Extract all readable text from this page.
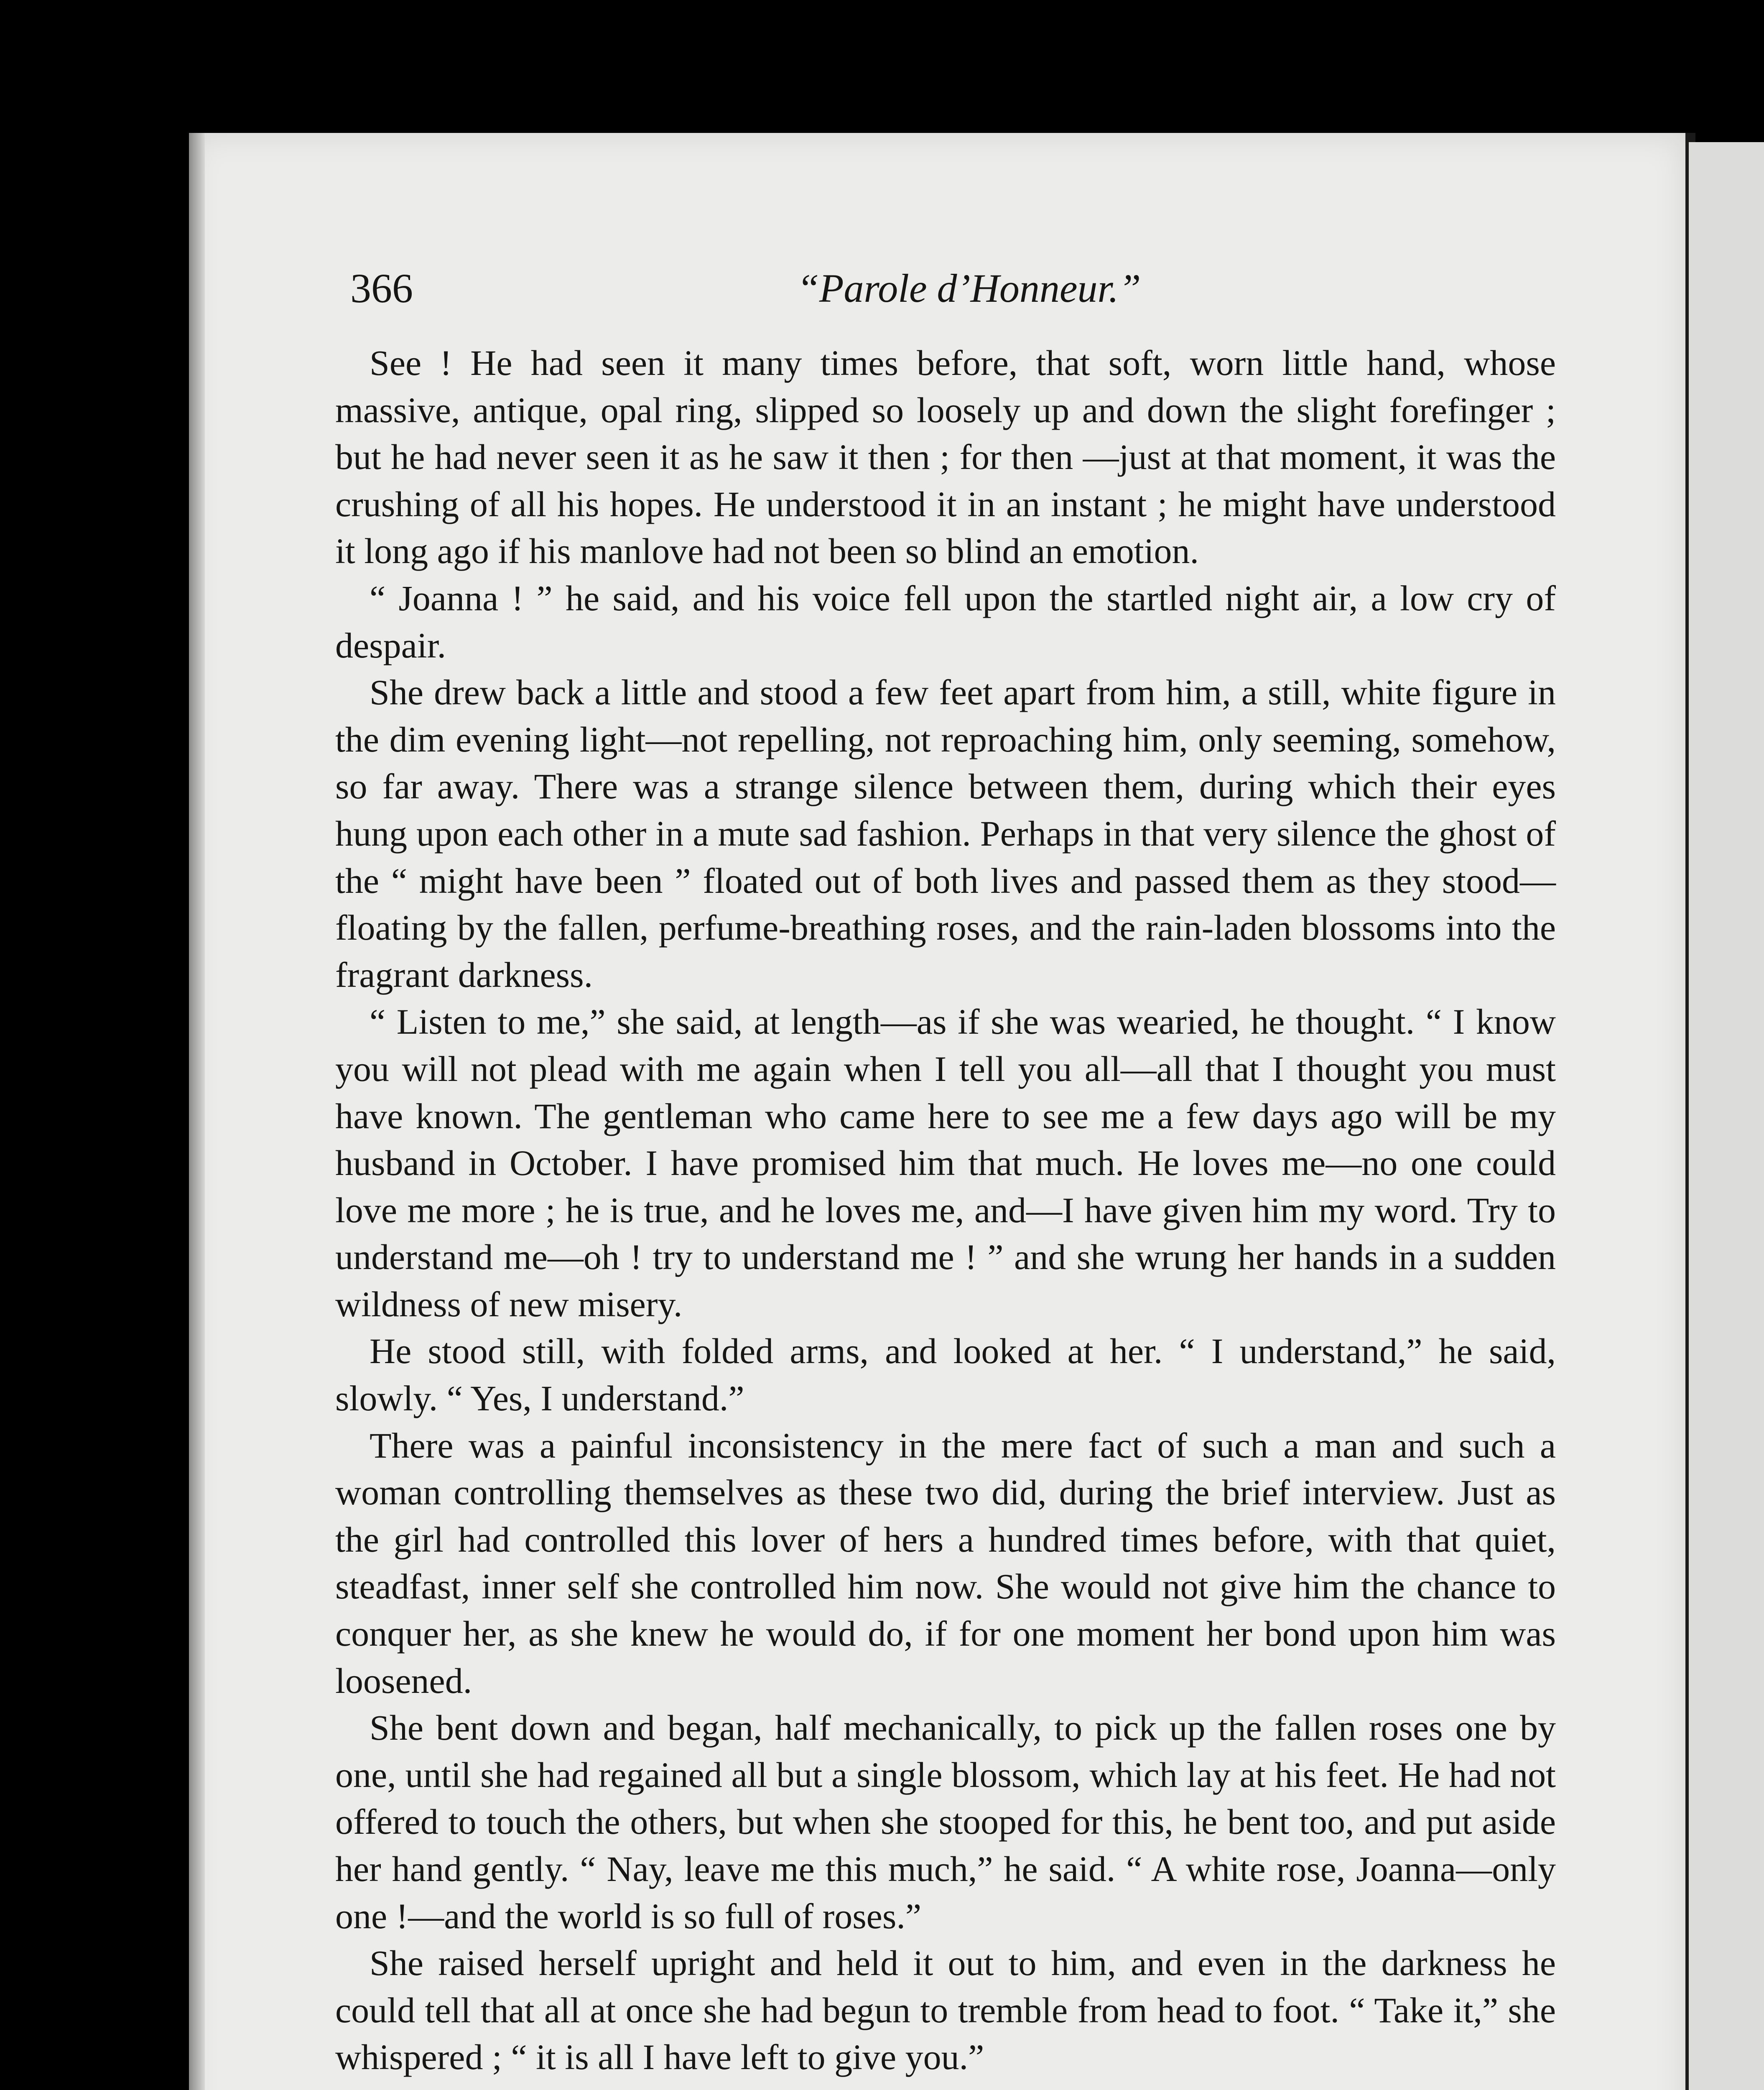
366	“Parole d’Honneur.”

See ! He had seen it many times before, that soft, worn little hand, whose massive, antique, opal ring, slipped so loosely up and down the slight forefinger ; but he had never seen it as he saw it then ; for then —just at that moment, it was the crushing of all his hopes. He understood it in an instant ; he might have understood it long ago if his manlove had not been so blind an emotion.

“ Joanna ! ” he said, and his voice fell upon the startled night air, a low cry of despair.

She drew back a little and stood a few feet apart from him, a still, white figure in the dim evening light—not repelling, not reproaching him, only seeming, somehow, so far away. There was a strange silence between them, during which their eyes hung upon each other in a mute sad fashion. Perhaps in that very silence the ghost of the “ might have been ” floated out of both lives and passed them as they stood—floating by the fallen, perfume-breathing roses, and the rain-laden blossoms into the fragrant darkness.

“ Listen to me,” she said, at length—as if she was wearied, he thought. “ I know you will not plead with me again when I tell you all—all that I thought you must have known. The gentleman who came here to see me a few days ago will be my husband in October. I have promised him that much. He loves me—no one could love me more ; he is true, and he loves me, and—I have given him my word. Try to understand me—oh ! try to understand me ! ” and she wrung her hands in a sudden wildness of new misery.

He stood still, with folded arms, and looked at her. “ I understand,” he said, slowly. “ Yes, I understand.”

There was a painful inconsistency in the mere fact of such a man and such a woman controlling themselves as these two did, during the brief interview. Just as the girl had controlled this lover of hers a hundred times before, with that quiet, steadfast, inner self she controlled him now. She would not give him the chance to conquer her, as she knew he would do, if for one moment her bond upon him was loosened.

She bent down and began, half mechanically, to pick up the fallen roses one by one, until she had regained all but a single blossom, which lay at his feet. He had not offered to touch the others, but when she stooped for this, he bent too, and put aside her hand gently. “ Nay, leave me this much,” he said. “ A white rose, Joanna—only one !—and the world is so full of roses.”

She raised herself upright and held it out to him, and even in the darkness he could tell that all at once she had begun to tremble from head to foot. “ Take it,” she whispered ; “ it is all I have left to give you.”
